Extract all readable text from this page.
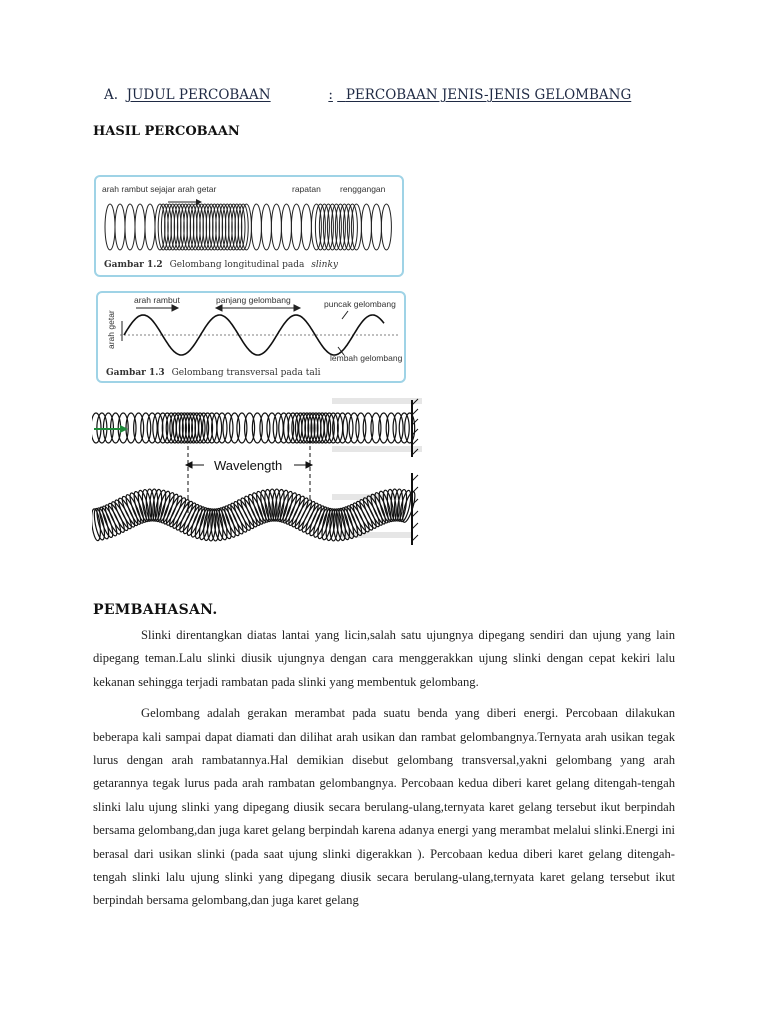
A. JUDUL PERCOBAAN	: PERCOBAAN JENIS-JENIS GELOMBANG
HASIL PERCOBAAN
arah rambut sejajar arah getar	rapatan renggangan
Gambar 1.2 Gelombang longitudinal pada slinky
arah rambut	panjang gelombang	puncak gelombang
lembah gelombang
arah getar
Gambar 1.3 Gelombang transversal pada tali
Wavelength
PEMBAHASAN.

Slinki direntangkan diatas lantai yang licin,salah satu ujungnya dipegang sendiri dan ujung yang lain dipegang teman.Lalu slinki diusik ujungnya dengan cara menggerakkan ujung slinki dengan cepat kekiri lalu kekanan sehingga terjadi rambatan pada slinki yang membentuk gelombang.

Gelombang adalah gerakan merambat pada suatu benda yang diberi energi. Percobaan dilakukan beberapa kali sampai dapat diamati dan dilihat arah usikan dan rambat gelombangnya.Ternyata arah usikan tegak lurus dengan arah rambatannya.Hal demikian disebut gelombang transversal,yakni gelombang yang arah getarannya tegak lurus pada arah rambatan gelombangnya. Percobaan kedua diberi karet gelang ditengah-tengah slinki lalu ujung slinki yang dipegang diusik secara berulang-ulang,ternyata karet gelang tersebut ikut berpindah bersama gelombang,dan juga karet gelang berpindah karena adanya energi yang merambat melalui slinki.Energi ini berasal dari usikan slinki (pada saat ujung slinki digerakkan ). Percobaan kedua diberi karet gelang ditengah-tengah slinki lalu ujung slinki yang dipegang diusik secara berulang-ulang,ternyata karet gelang tersebut ikut berpindah bersama gelombang,dan juga karet gelang
